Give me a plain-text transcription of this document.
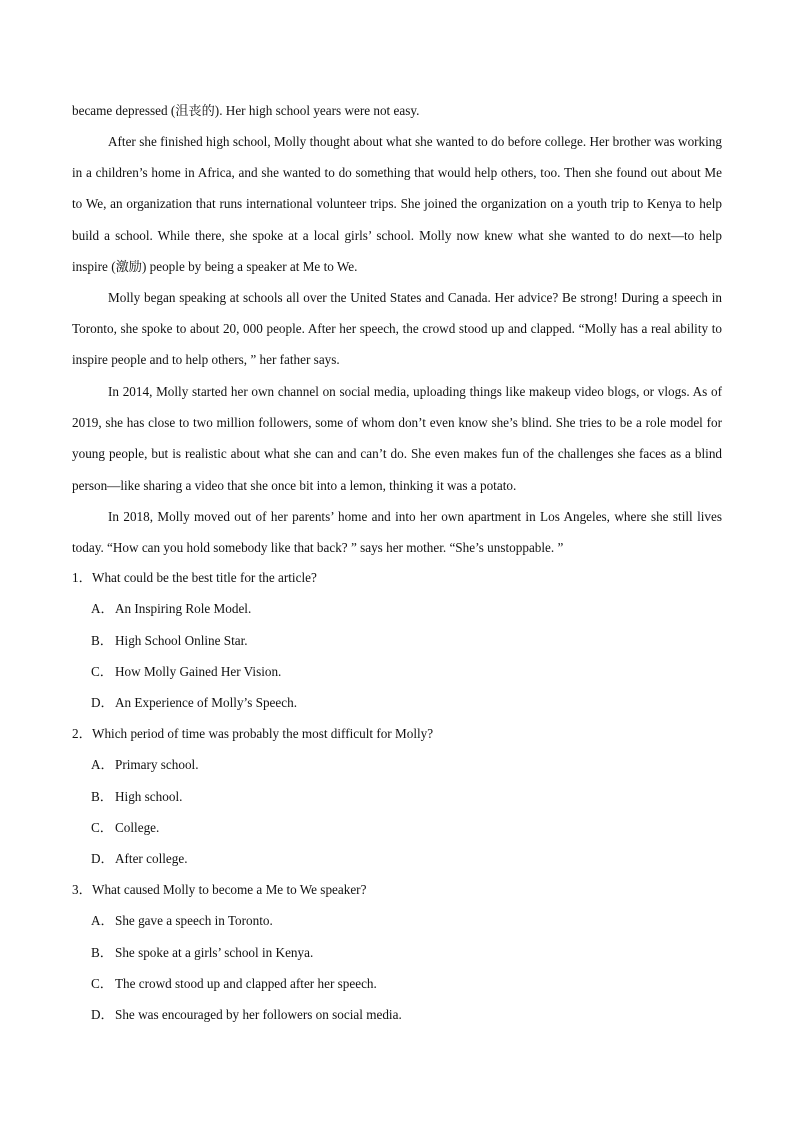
became depressed (沮丧的). Her high school years were not easy.

After she finished high school, Molly thought about what she wanted to do before college. Her brother was working in a children’s home in Africa, and she wanted to do something that would help others, too. Then she found out about Me to We, an organization that runs international volunteer trips. She joined the organization on a youth trip to Kenya to help build a school. While there, she spoke at a local girls’ school. Molly now knew what she wanted to do next—to help inspire (激励) people by being a speaker at Me to We.

Molly began speaking at schools all over the United States and Canada. Her advice? Be strong! During a speech in Toronto, she spoke to about 20, 000 people. After her speech, the crowd stood up and clapped. “Molly has a real ability to inspire people and to help others, ” her father says.

In 2014, Molly started her own channel on social media, uploading things like makeup video blogs, or vlogs. As of 2019, she has close to two million followers, some of whom don’t even know she’s blind. She tries to be a role model for young people, but is realistic about what she can and can’t do. She even makes fun of the challenges she faces as a blind person—like sharing a video that she once bit into a lemon, thinking it was a potato.

In 2018, Molly moved out of her parents’ home and into her own apartment in Los Angeles, where she still lives today. “How can you hold somebody like that back? ” says her mother. “She’s unstoppable. ”

1．What could be the best title for the article?
A．An Inspiring Role Model.
B． High School Online Star.
C． How Molly Gained Her Vision.
D．An Experience of Molly’s Speech.
2．Which period of time was probably the most difficult for Molly?
A．Primary school.
B． High school.
C． College.
D．After college.
3．What caused Molly to become a Me to We speaker?
A．She gave a speech in Toronto.
B． She spoke at a girls’ school in Kenya.
C． The crowd stood up and clapped after her speech.
D．She was encouraged by her followers on social media.
